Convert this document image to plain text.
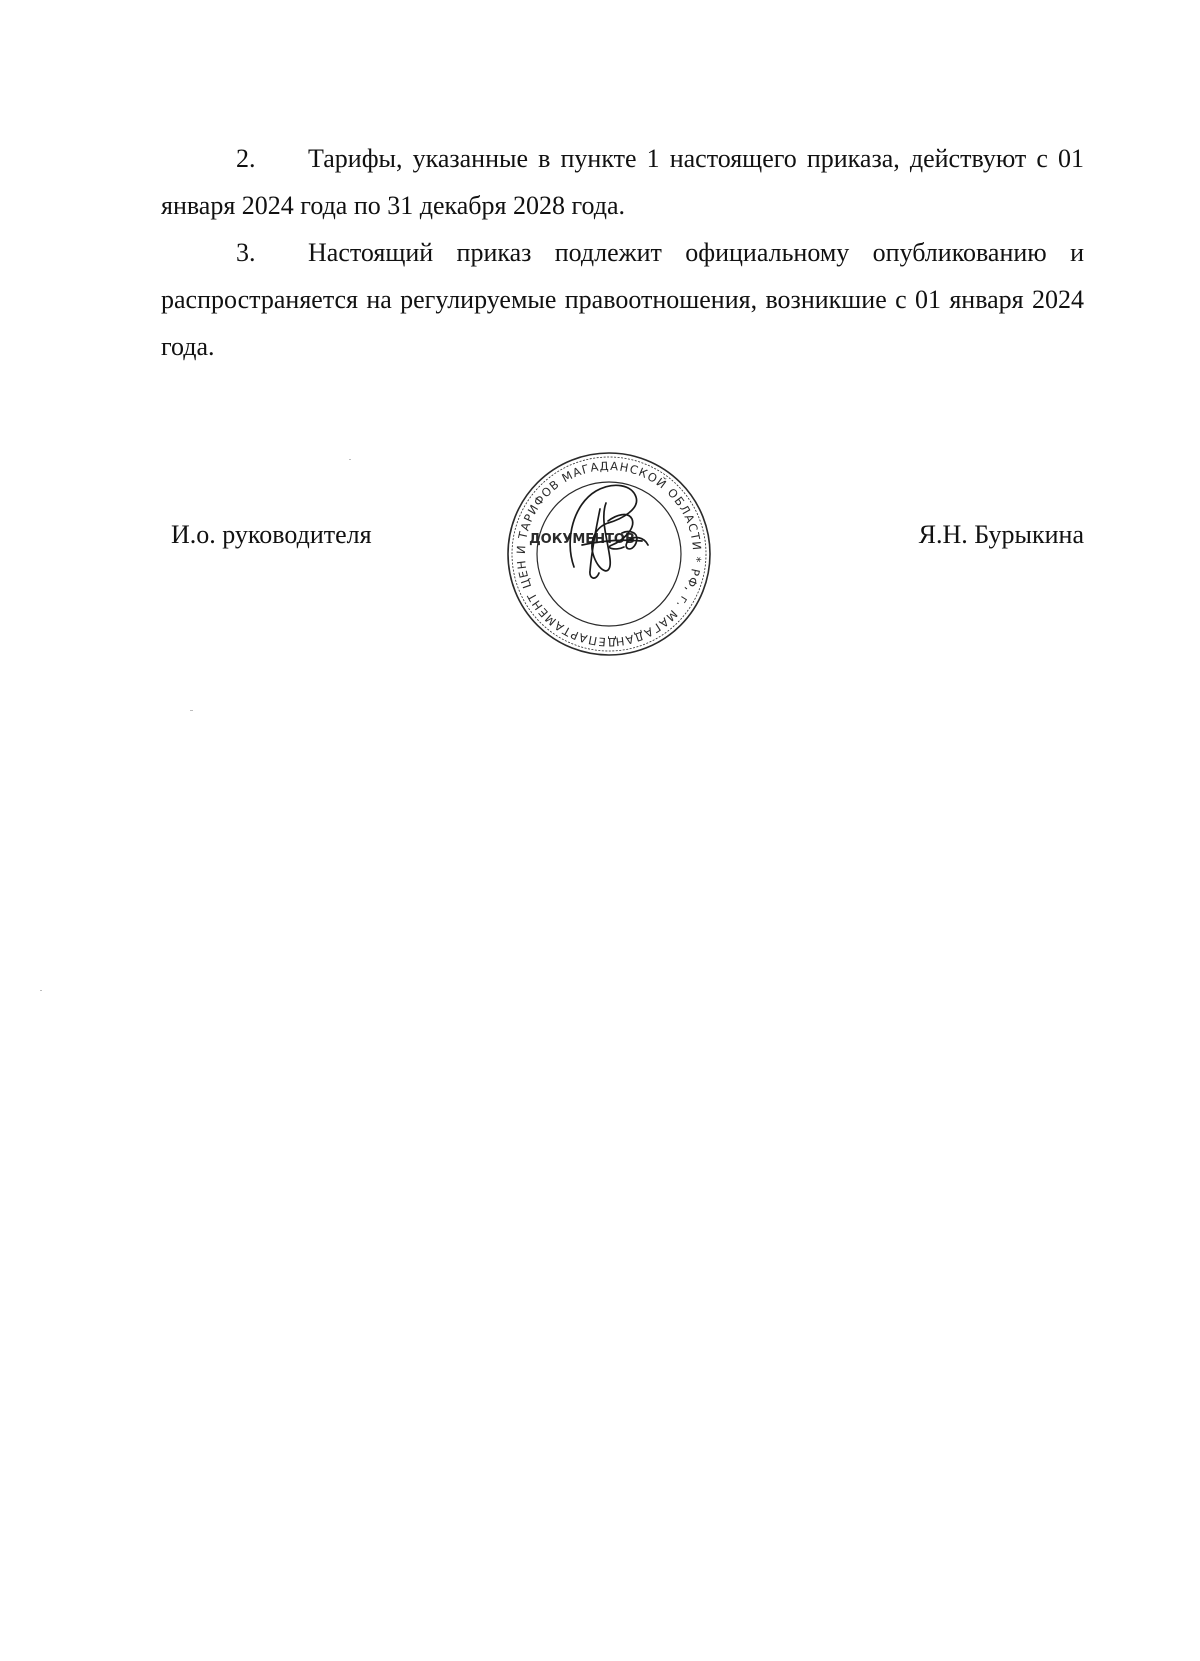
2. Тарифы, указанные в пункте 1 настоящего приказа, действуют с 01 января 2024 года по 31 декабря 2028 года.

3. Настоящий приказ подлежит официальному опубликованию и распространяется на регулируемые правоотношения, возникшие с 01 января 2024 года.

И.о. руководителя	Я.Н. Бурыкина
ДЕПАРТАМЕНТ ЦЕН И ТАРИФОВ МАГАДАНСКОЙ ОБЛАСТИ * РФ, г. МАГАДАН
ДОКУМЕНТОВ
